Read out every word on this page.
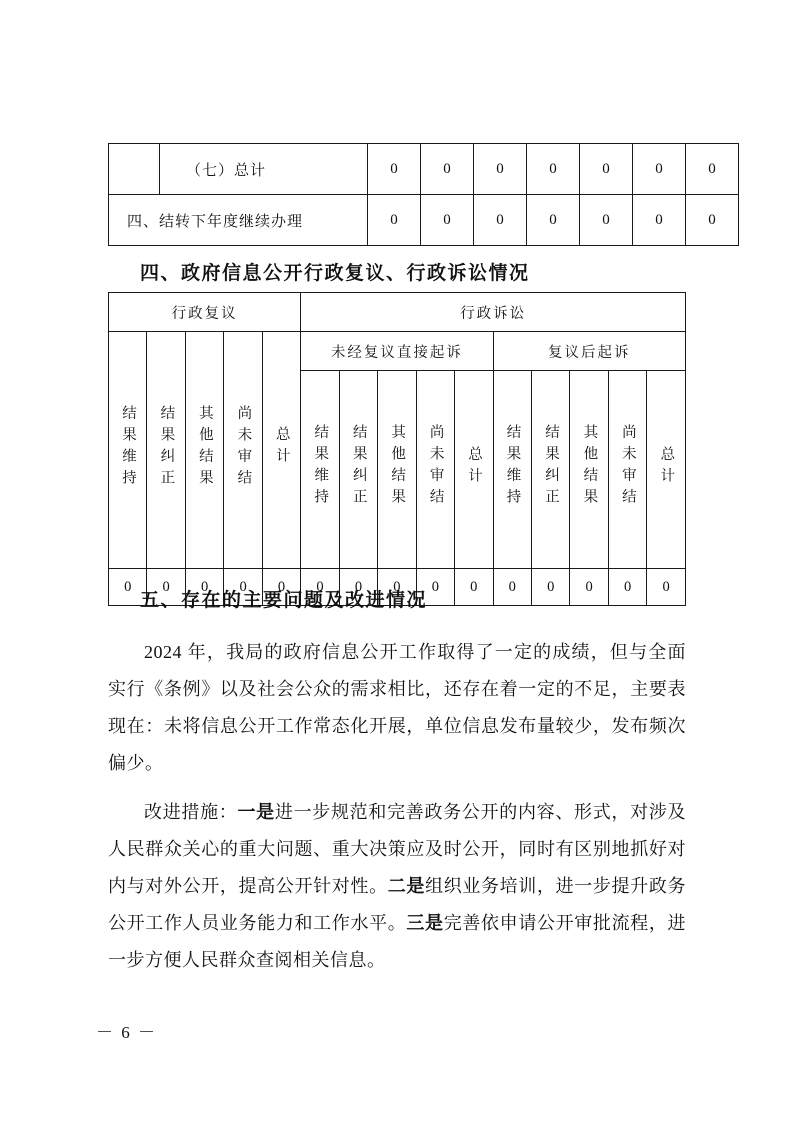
	（七）总计	0	0	0	0	0	0	0
四、结转下年度继续办理		0	0	0	0	0	0	0
四、政府信息公开行政复议、行政诉讼情况
行政复议					行政诉讼									
结果维持	结果纠正	其他结果	尚未审结	总计	未经复议直接起诉					复议后起诉				
					结果维持	结果纠正	其他结果	尚未审结	总计	结果维持	结果纠正	其他结果	尚未审结	总计
0	0	0	0	0	0	0	0	0	0	0	0	0	0	0
五、存在的主要问题及改进情况

2024 年，我局的政府信息公开工作取得了一定的成绩，但与全面实行《条例》以及社会公众的需求相比，还存在着一定的不足，主要表现在：未将信息公开工作常态化开展，单位信息发布量较少，发布频次偏少。

改进措施：一是进一步规范和完善政务公开的内容、形式，对涉及人民群众关心的重大问题、重大决策应及时公开，同时有区别地抓好对内与对外公开，提高公开针对性。二是组织业务培训，进一步提升政务公开工作人员业务能力和工作水平。三是完善依申请公开审批流程，进一步方便人民群众查阅相关信息。

－ 6 －
